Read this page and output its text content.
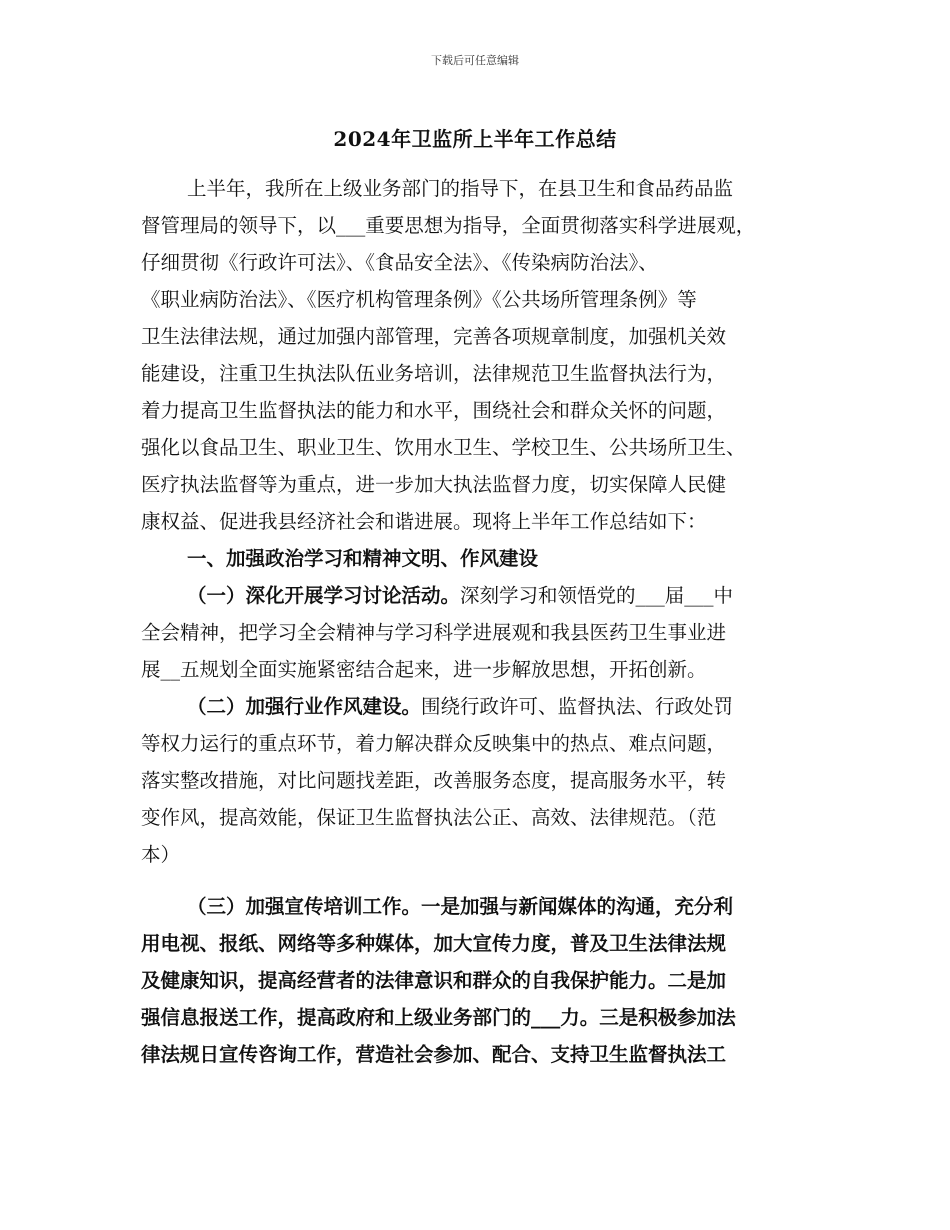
下载后可任意编辑
2024年卫监所上半年工作总结
上半年，我所在上级业务部门的指导下，在县卫生和食品药品监
督管理局的领导下，以___重要思想为指导，全面贯彻落实科学进展观，
仔细贯彻《行政许可法》、《食品安全法》、《传染病防治法》、
《职业病防治法》、《医疗机构管理条例》《公共场所管理条例》等
卫生法律法规，通过加强内部管理，完善各项规章制度，加强机关效
能建设，注重卫生执法队伍业务培训，法律规范卫生监督执法行为，
着力提高卫生监督执法的能力和水平，围绕社会和群众关怀的问题，
强化以食品卫生、职业卫生、饮用水卫生、学校卫生、公共场所卫生、
医疗执法监督等为重点，进一步加大执法监督力度，切实保障人民健
康权益、促进我县经济社会和谐进展。现将上半年工作总结如下：
一、加强政治学习和精神文明、作风建设
（一）深化开展学习讨论活动。深刻学习和领悟党的___届___中
全会精神，把学习全会精神与学习科学进展观和我县医药卫生事业进
展__五规划全面实施紧密结合起来，进一步解放思想，开拓创新。
（二）加强行业作风建设。围绕行政许可、监督执法、行政处罚
等权力运行的重点环节，着力解决群众反映集中的热点、难点问题，
落实整改措施，对比问题找差距，改善服务态度，提高服务水平，转
变作风，提高效能，保证卫生监督执法公正、高效、法律规范。（范
本）
（三）加强宣传培训工作。一是加强与新闻媒体的沟通，充分利
用电视、报纸、网络等多种媒体，加大宣传力度，普及卫生法律法规
及健康知识，提高经营者的法律意识和群众的自我保护能力。二是加
强信息报送工作，提高政府和上级业务部门的___力。三是积极参加法
律法规日宣传咨询工作，营造社会参加、配合、支持卫生监督执法工
